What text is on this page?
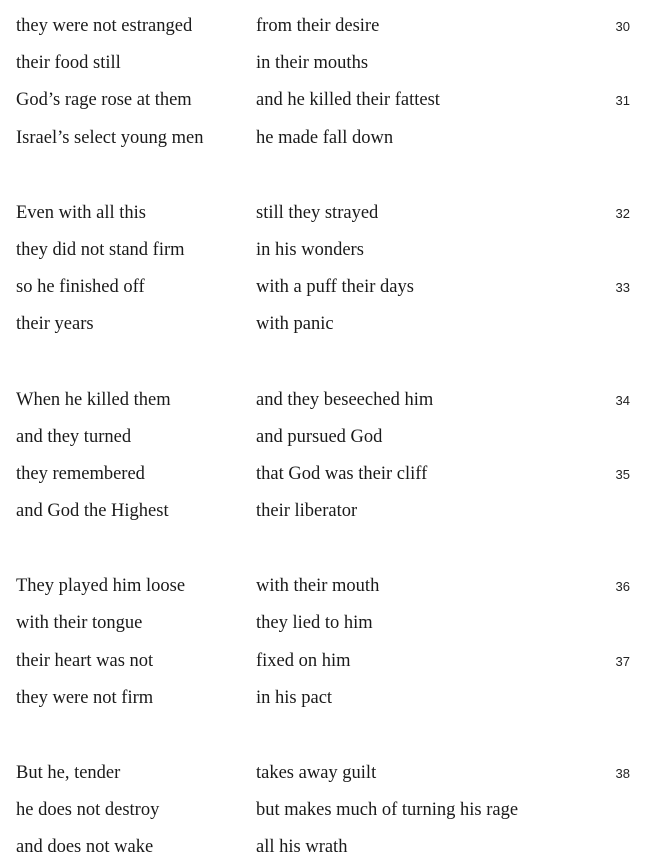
they were not estranged	from their desire	30
their food still	in their mouths
God’s rage rose at them	and he killed their fattest	31
Israel’s select young men	he made fall down
Even with all this	still they strayed	32
they did not stand firm	in his wonders
so he finished off	with a puff their days	33
their years	with panic
When he killed them	and they beseeched him	34
and they turned	and pursued God
they remembered	that God was their cliff	35
and God the Highest	their liberator
They played him loose	with their mouth	36
with their tongue	they lied to him
their heart was not	fixed on him	37
they were not firm	in his pact
But he, tender	takes away guilt	38
he does not destroy	but makes much of turning his rage
and does not wake	all his wrath
